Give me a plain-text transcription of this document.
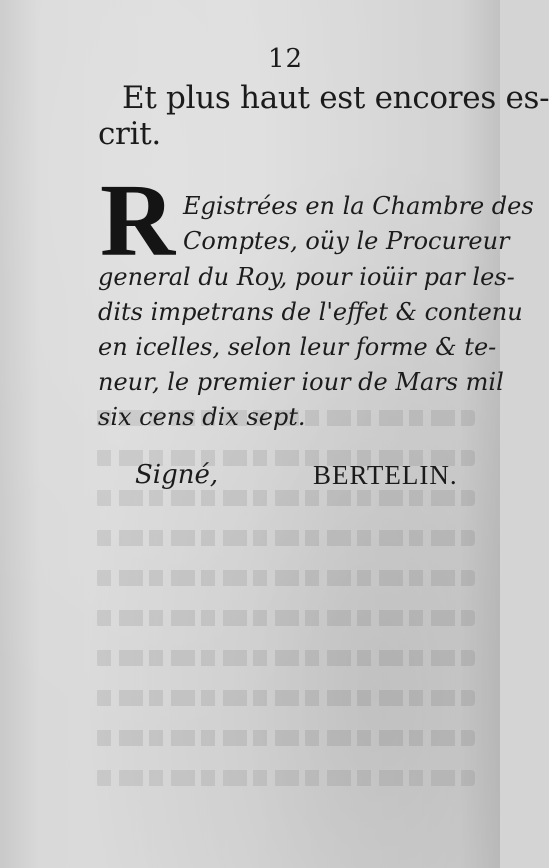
12
Et plus haut est encores es-
crit.
R Egistrées en la Chambre des
Comptes, oüy le Procureur
general du Roy, pour ioüir par les-
dits impetrans de l'effet & contenu
en icelles, selon leur forme & te-
neur, le premier iour de Mars mil
six cens dix sept.
Signé,	BERTELIN.
